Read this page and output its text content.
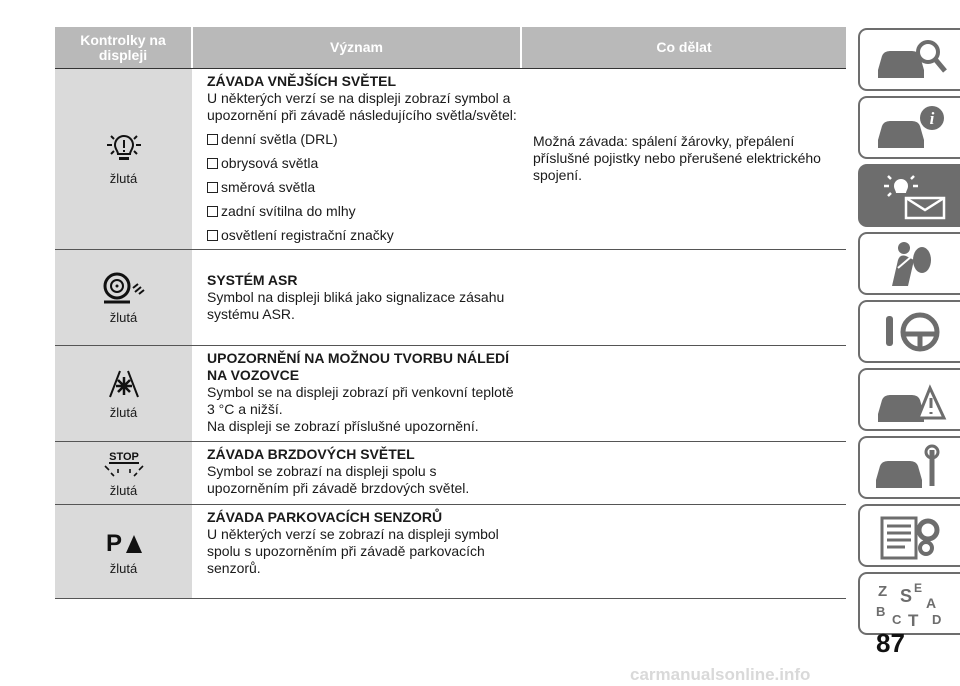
Kontrolky na displeji	Význam	Co dělat
žlutá
ZÁVADA VNĚJŠÍCH SVĚTEL
U některých verzí se na displeji zobrazí symbol a upozornění při závadě následujícího světla/světel:
denní světla (DRL)
obrysová světla
směrová světla
zadní svítilna do mlhy
osvětlení registrační značky
Možná závada: spálení žárovky, přepálení příslušné pojistky nebo přerušené elektrického spojení.
žlutá
SYSTÉM ASR
Symbol na displeji bliká jako signalizace zásahu systému ASR.
žlutá
UPOZORNĚNÍ NA MOŽNOU TVORBU NÁLEDÍ NA VOZOVCE
Symbol se na displeji zobrazí při venkovní teplotě 3 °C a nižší.
Na displeji se zobrazí příslušné upozornění.
STOP
žlutá
ZÁVADA BRZDOVÝCH SVĚTEL
Symbol se zobrazí na displeji spolu s upozorněním při závadě brzdových světel.
P
žlutá
ZÁVADA PARKOVACÍCH SENZORŮ
U některých verzí se zobrazí na displeji symbol spolu s upozorněním při závadě parkovacích senzorů.
i
Z E
S A
B
C T D
87
carmanualsonline.info
